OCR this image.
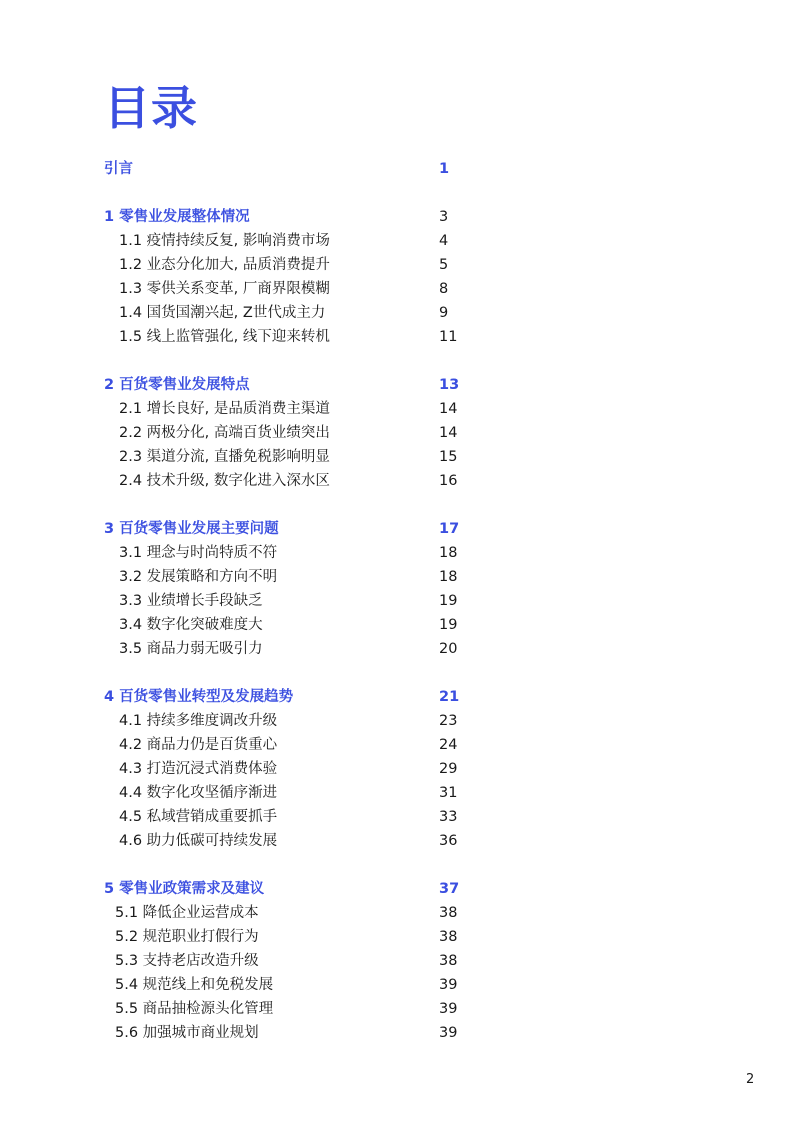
目录
引言	1
1 零售业发展整体情况	3
1.1 疫情持续反复, 影响消费市场	4
1.2 业态分化加大, 品质消费提升	5
1.3 零供关系变革, 厂商界限模糊	8
1.4 国货国潮兴起, Z世代成主力	9
1.5 线上监管强化, 线下迎来转机	11
2 百货零售业发展特点	13
2.1 增长良好, 是品质消费主渠道	14
2.2 两极分化, 高端百货业绩突出	14
2.3 渠道分流, 直播免税影响明显	15
2.4 技术升级, 数字化进入深水区	16
3 百货零售业发展主要问题	17
3.1 理念与时尚特质不符	18
3.2 发展策略和方向不明	18
3.3 业绩增长手段缺乏	19
3.4 数字化突破难度大	19
3.5 商品力弱无吸引力	20
4 百货零售业转型及发展趋势	21
4.1 持续多维度调改升级	23
4.2 商品力仍是百货重心	24
4.3 打造沉浸式消费体验	29
4.4 数字化攻坚循序渐进	31
4.5 私域营销成重要抓手	33
4.6 助力低碳可持续发展	36
5 零售业政策需求及建议	37
5.1 降低企业运营成本	38
5.2 规范职业打假行为	38
5.3 支持老店改造升级	38
5.4 规范线上和免税发展	39
5.5 商品抽检源头化管理	39
5.6 加强城市商业规划	39
2
